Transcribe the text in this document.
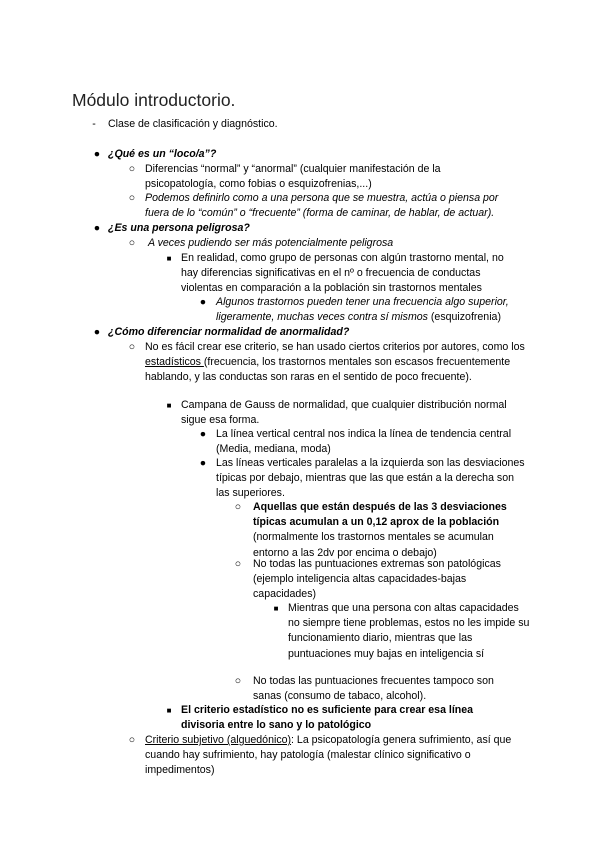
Módulo introductorio.
-	Clase de clasificación y diagnóstico.
● ¿Qué es un “loco/a”?
○ Diferencias “normal” y “anormal” (cualquier manifestación de la psicopatología, como fobias o esquizofrenias,...)
○ Podemos definirlo como a una persona que se muestra, actúa o piensa por fuera de lo “común” o “frecuente” (forma de caminar, de hablar, de actuar).
● ¿Es una persona peligrosa?
○ A veces pudiendo ser más potencialmente peligrosa
■ En realidad, como grupo de personas con algún trastorno mental, no hay diferencias significativas en el nº o frecuencia de conductas violentas en comparación a la población sin trastornos mentales
● Algunos trastornos pueden tener una frecuencia algo superior, ligeramente, muchas veces contra sí mismos (esquizofrenia)
● ¿Cómo diferenciar normalidad de anormalidad?
○ No es fácil crear ese criterio, se han usado ciertos criterios por autores, como los estadísticos (frecuencia, los trastornos mentales son escasos frecuentemente hablando, y las conductas son raras en el sentido de poco frecuente).
■ Campana de Gauss de normalidad, que cualquier distribución normal sigue esa forma.
● La línea vertical central nos indica la línea de tendencia central (Media, mediana, moda)
● Las líneas verticales paralelas a la izquierda son las desviaciones típicas por debajo, mientras que las que están a la derecha son las superiores.
○ Aquellas que están después de las 3 desviaciones típicas acumulan a un 0,12 aprox de la población (normalmente los trastornos mentales se acumulan entorno a las 2dv por encima o debajo)
○ No todas las puntuaciones extremas son patológicas (ejemplo inteligencia altas capacidades-bajas capacidades)
■ Mientras que una persona con altas capacidades no siempre tiene problemas, estos no les impide su funcionamiento diario, mientras que las puntuaciones muy bajas en inteligencia sí
○ No todas las puntuaciones frecuentes tampoco son sanas (consumo de tabaco, alcohol).
■ El criterio estadístico no es suficiente para crear esa línea divisoria entre lo sano y lo patológico
○ Criterio subjetivo (alguedónico): La psicopatología genera sufrimiento, así que cuando hay sufrimiento, hay patología (malestar clínico significativo o impedimentos)
